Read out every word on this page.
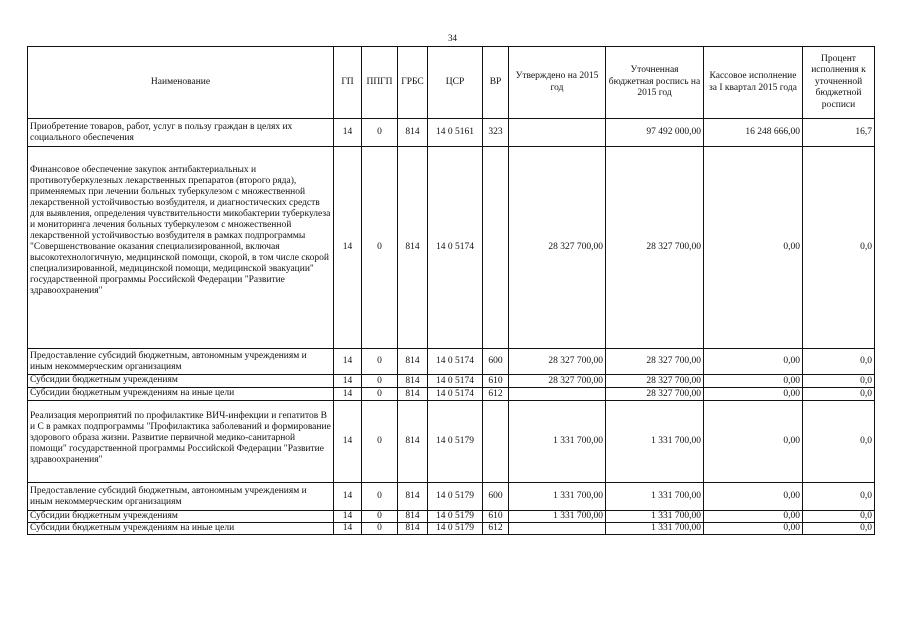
34
Наименование	ГП	ППГП	ГРБС	ЦСР	ВР	Утверждено на 2015 год	Уточненная бюджетная роспись на 2015 год	Кассовое исполнение за I квартал 2015 года	Процент исполнения к уточненной бюджетной росписи
Приобретение товаров, работ, услуг в пользу граждан в целях их социального обеспечения	14	0	814	14 0 5161	323		97 492 000,00	16 248 666,00	16,7
Финансовое обеспечение закупок антибактериальных и противотуберкулезных лекарственных препаратов (второго ряда), применяемых при лечении больных туберкулезом с множественной лекарственной устойчивостью возбудителя, и диагностических средств для выявления, определения чувствительности микобактерии туберкулеза и мониторинга лечения больных туберкулезом с множественной лекарственной устойчивостью возбудителя в рамках подпрограммы "Совершенствование оказания специализированной, включая высокотехнологичную, медицинской помощи, скорой, в том числе скорой специализированной, медицинской помощи, медицинской эвакуации" государственной программы Российской Федерации "Развитие здравоохранения"	14	0	814	14 0 5174		28 327 700,00	28 327 700,00	0,00	0,0
Предоставление субсидий бюджетным, автономным учреждениям и иным некоммерческим организациям	14	0	814	14 0 5174	600	28 327 700,00	28 327 700,00	0,00	0,0
Субсидии бюджетным учреждениям	14	0	814	14 0 5174	610	28 327 700,00	28 327 700,00	0,00	0,0
Субсидии бюджетным учреждениям на иные цели	14	0	814	14 0 5174	612		28 327 700,00	0,00	0,0
Реализация мероприятий по профилактике ВИЧ-инфекции и гепатитов В и С в рамках подпрограммы "Профилактика заболеваний и формирование здорового образа жизни. Развитие первичной медико-санитарной помощи" государственной программы Российской Федерации "Развитие здравоохранения"	14	0	814	14 0 5179		1 331 700,00	1 331 700,00	0,00	0,0
Предоставление субсидий бюджетным, автономным учреждениям и иным некоммерческим организациям	14	0	814	14 0 5179	600	1 331 700,00	1 331 700,00	0,00	0,0
Субсидии бюджетным учреждениям	14	0	814	14 0 5179	610	1 331 700,00	1 331 700,00	0,00	0,0
Субсидии бюджетным учреждениям на иные цели	14	0	814	14 0 5179	612		1 331 700,00	0,00	0,0
